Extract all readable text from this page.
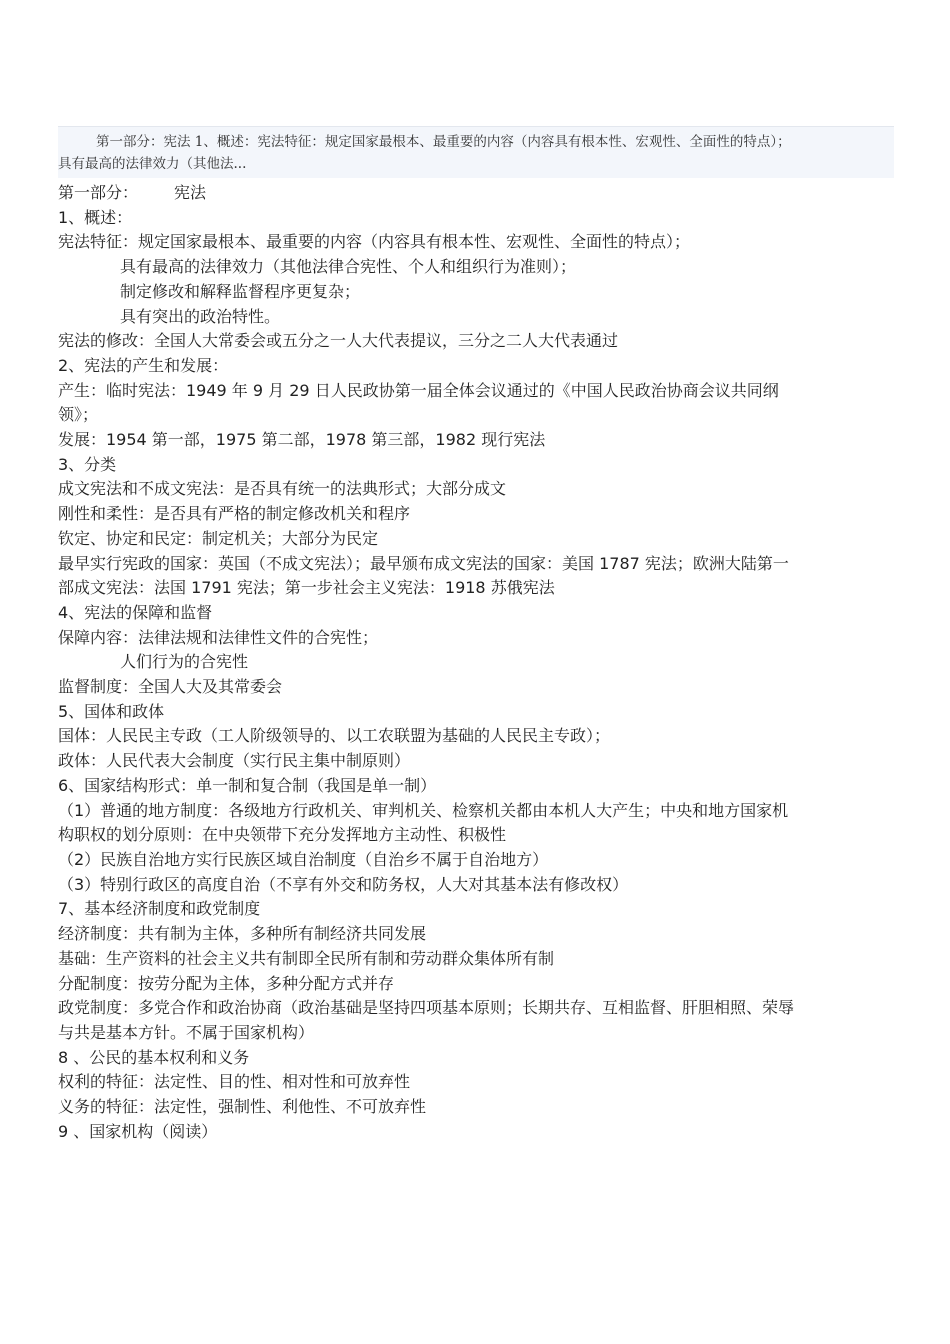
第一部分：宪法 1、概述：宪法特征：规定国家最根本、最重要的内容（内容具有根本性、宏观性、全面性的特点）；
具有最高的法律效力（其他法...
第一部分： 宪法
1、概述：
宪法特征：规定国家最根本、最重要的内容（内容具有根本性、宏观性、全面性的特点）；
具有最高的法律效力（其他法律合宪性、个人和组织行为准则）；
制定修改和解释监督程序更复杂；
具有突出的政治特性。
宪法的修改：全国人大常委会或五分之一人大代表提议，三分之二人大代表通过
2、宪法的产生和发展：
产生：临时宪法：1949 年 9 月 29 日人民政协第一届全体会议通过的《中国人民政治协商会议共同纲
领》；
发展：1954 第一部，1975 第二部，1978 第三部，1982 现行宪法
3、分类
成文宪法和不成文宪法：是否具有统一的法典形式；大部分成文
刚性和柔性：是否具有严格的制定修改机关和程序
钦定、协定和民定：制定机关；大部分为民定
最早实行宪政的国家：英国（不成文宪法）；最早颁布成文宪法的国家：美国 1787 宪法；欧洲大陆第一
部成文宪法：法国 1791 宪法；第一步社会主义宪法：1918 苏俄宪法
4、宪法的保障和监督
保障内容：法律法规和法律性文件的合宪性；
人们行为的合宪性
监督制度：全国人大及其常委会
5、国体和政体
国体：人民民主专政（工人阶级领导的、以工农联盟为基础的人民民主专政）；
政体：人民代表大会制度（实行民主集中制原则）
6、国家结构形式：单一制和复合制（我国是单一制）
（1）普通的地方制度：各级地方行政机关、审判机关、检察机关都由本机人大产生；中央和地方国家机
构职权的划分原则：在中央领带下充分发挥地方主动性、积极性
（2）民族自治地方实行民族区域自治制度（自治乡不属于自治地方）
（3）特别行政区的高度自治（不享有外交和防务权，人大对其基本法有修改权）
7、基本经济制度和政党制度
经济制度：共有制为主体，多种所有制经济共同发展
基础：生产资料的社会主义共有制即全民所有制和劳动群众集体所有制
分配制度：按劳分配为主体，多种分配方式并存
政党制度：多党合作和政治协商（政治基础是坚持四项基本原则；长期共存、互相监督、肝胆相照、荣辱
与共是基本方针。不属于国家机构）
8 、公民的基本权利和义务
权利的特征：法定性、目的性、相对性和可放弃性
义务的特征：法定性，强制性、利他性、不可放弃性
9 、国家机构（阅读）
